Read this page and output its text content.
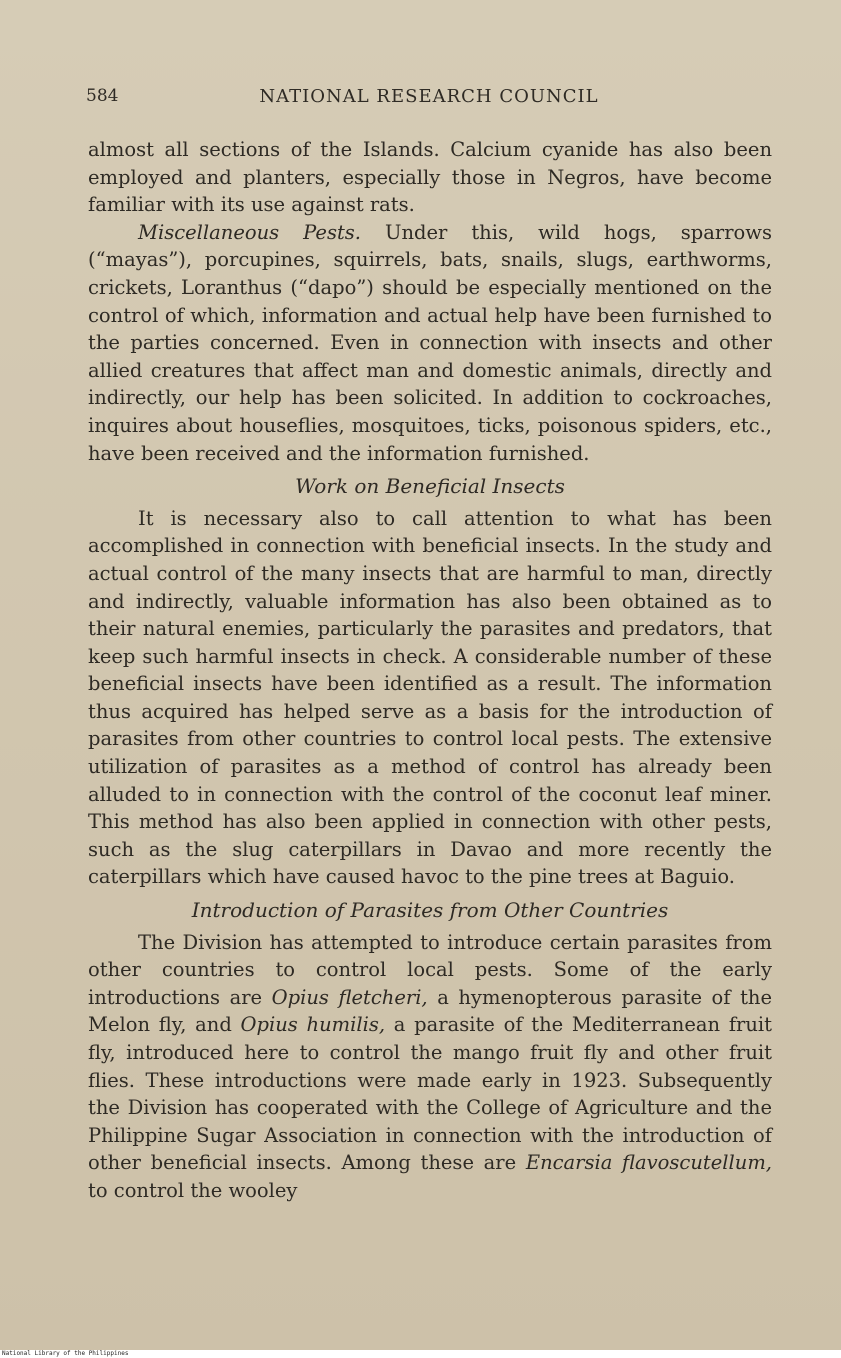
584	NATIONAL RESEARCH COUNCIL

almost all sections of the Islands. Calcium cyanide has also been employed and planters, especially those in Negros, have become familiar with its use against rats.

Miscellaneous Pests. Under this, wild hogs, sparrows (“mayas”), porcupines, squirrels, bats, snails, slugs, earthworms, crickets, Loranthus (“dapo”) should be especially mentioned on the control of which, information and actual help have been furnished to the parties concerned. Even in connection with insects and other allied creatures that affect man and domestic animals, directly and indirectly, our help has been solicited. In addition to cockroaches, inquires about houseflies, mosquitoes, ticks, poisonous spiders, etc., have been received and the information furnished.

Work on Beneficial Insects

It is necessary also to call attention to what has been accomplished in connection with beneficial insects. In the study and actual control of the many insects that are harmful to man, directly and indirectly, valuable information has also been obtained as to their natural enemies, particularly the parasites and predators, that keep such harmful insects in check. A considerable number of these beneficial insects have been identified as a result. The information thus acquired has helped serve as a basis for the introduction of parasites from other countries to control local pests. The extensive utilization of parasites as a method of control has already been alluded to in connection with the control of the coconut leaf miner. This method has also been applied in connection with other pests, such as the slug caterpillars in Davao and more recently the caterpillars which have caused havoc to the pine trees at Baguio.

Introduction of Parasites from Other Countries

The Division has attempted to introduce certain parasites from other countries to control local pests. Some of the early introductions are Opius fletcheri, a hymenopterous parasite of the Melon fly, and Opius humilis, a parasite of the Mediterranean fruit fly, introduced here to control the mango fruit fly and other fruit flies. These introductions were made early in 1923. Subsequently the Division has cooperated with the College of Agriculture and the Philippine Sugar Association in connection with the introduction of other beneficial insects. Among these are Encarsia flavoscutellum, to control the wooley

National Library of the Philippines
